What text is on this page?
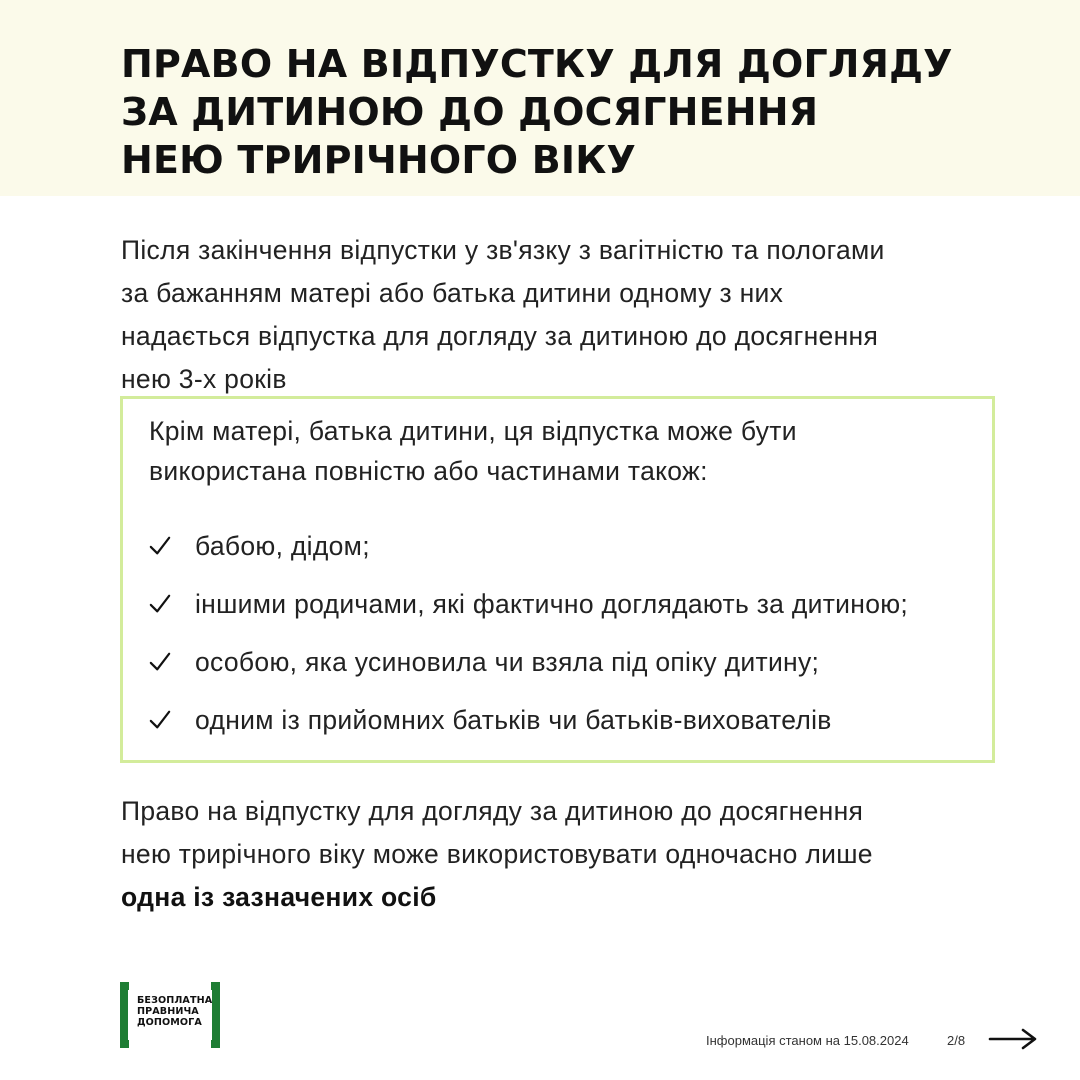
ПРАВО НА ВІДПУСТКУ ДЛЯ ДОГЛЯДУ
ЗА ДИТИНОЮ ДО ДОСЯГНЕННЯ
НЕЮ ТРИРІЧНОГО ВІКУ

Після закінчення відпустки у зв'язку з вагітністю та пологами
за бажанням матері або батька дитини одному з них
надається відпустка для догляду за дитиною до досягнення
нею 3-х років

Крім матері, батька дитини, ця відпустка може бути
використана повністю або частинами також:

бабою, дідом;
іншими родичами, які фактично доглядають за дитиною;
особою, яка усиновила чи взяла під опіку дитину;
одним із прийомних батьків чи батьків-вихователів

Право на відпустку для догляду за дитиною до досягнення
нею трирічного віку може використовувати одночасно лише
одна із зазначених осіб

БЕЗОПЛАТНА
ПРАВНИЧА
ДОПОМОГА
Інформація станом на 15.08.2024	2/8
